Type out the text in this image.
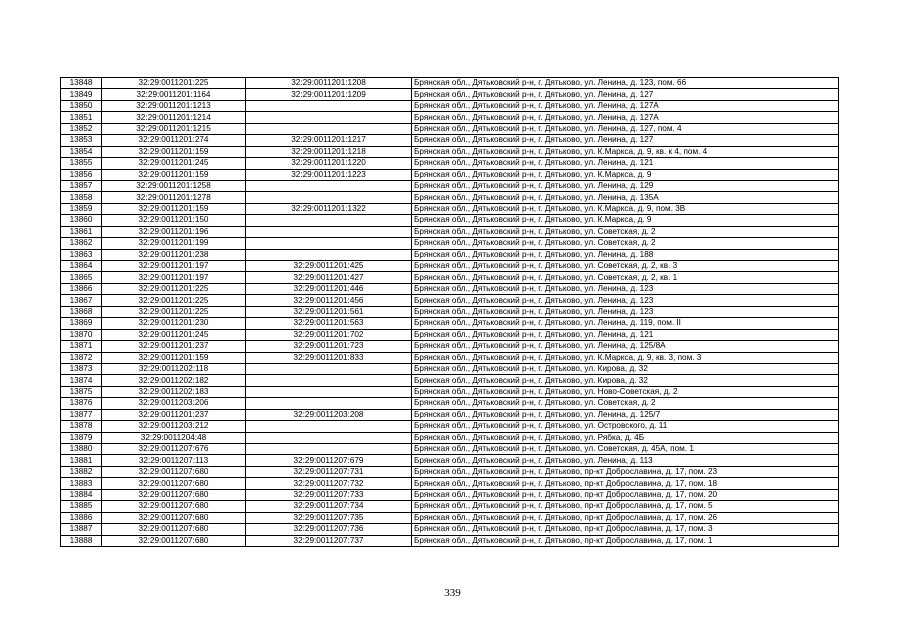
13848	32:29:0011201:225	32:29:0011201:1208	Брянская обл., Дятьковский р-н, г. Дятьково, ул. Ленина, д. 123, пом. 66
13849	32:29:0011201:1164	32:29:0011201:1209	Брянская обл., Дятьковский р-н, г. Дятьково, ул. Ленина, д. 127
13850	32:29:0011201:1213		Брянская обл., Дятьковский р-н, г. Дятьково, ул. Ленина, д. 127А
13851	32:29:0011201:1214		Брянская обл., Дятьковский р-н, г. Дятьково, ул. Ленина, д. 127А
13852	32:29:0011201:1215		Брянская обл., Дятьковский р-н, г. Дятьково, ул. Ленина, д. 127, пом. 4
13853	32:29:0011201:274	32:29:0011201:1217	Брянская обл., Дятьковский р-н, г. Дятьково, ул. Ленина, д. 127
13854	32:29:0011201:159	32:29:0011201:1218	Брянская обл., Дятьковский р-н, г. Дятьково, ул. К.Маркса, д. 9, кв. к 4, пом. 4
13855	32:29:0011201:245	32:29:0011201:1220	Брянская обл., Дятьковский р-н, г. Дятьково, ул. Ленина, д. 121
13856	32:29:0011201:159	32:29:0011201:1223	Брянская обл., Дятьковский р-н, г. Дятьково, ул. К.Маркса, д. 9
13857	32:29:0011201:1258		Брянская обл., Дятьковский р-н, г. Дятьково, ул. Ленина, д. 129
13858	32:29:0011201:1278		Брянская обл., Дятьковский р-н, г. Дятьково, ул. Ленина, д. 135А
13859	32:29:0011201:159	32:29:0011201:1322	Брянская обл., Дятьковский р-н, г. Дятьково, ул. К.Маркса, д. 9, пом. 3В
13860	32:29:0011201:150		Брянская обл., Дятьковский р-н, г. Дятьково, ул. К.Маркса, д. 9
13861	32:29:0011201:196		Брянская обл., Дятьковский р-н, г. Дятьково, ул. Советская, д. 2
13862	32:29:0011201:199		Брянская обл., Дятьковский р-н, г. Дятьково, ул. Советская, д. 2
13863	32:29:0011201:238		Брянская обл., Дятьковский р-н, г. Дятьково, ул. Ленина, д. 188
13864	32:29:0011201:197	32:29:0011201:425	Брянская обл., Дятьковский р-н, г. Дятьково, ул. Советская, д. 2, кв. 3
13865	32:29:0011201:197	32:29:0011201:427	Брянская обл., Дятьковский р-н, г. Дятьково, ул. Советская, д. 2, кв. 1
13866	32:29:0011201:225	32:29:0011201:446	Брянская обл., Дятьковский р-н, г. Дятьково, ул. Ленина, д. 123
13867	32:29:0011201:225	32:29:0011201:456	Брянская обл., Дятьковский р-н, г. Дятьково, ул. Ленина, д. 123
13868	32:29:0011201:225	32:29:0011201:561	Брянская обл., Дятьковский р-н, г. Дятьково, ул. Ленина, д. 123
13869	32:29:0011201:230	32:29:0011201:563	Брянская обл., Дятьковский р-н, г. Дятьково, ул. Ленина, д. 119, пом. II
13870	32:29:0011201:245	32:29:0011201:702	Брянская обл., Дятьковский р-н, г. Дятьково, ул. Ленина, д. 121
13871	32:29:0011201:237	32:29:0011201:723	Брянская обл., Дятьковский р-н, г. Дятьково, ул. Ленина, д. 125/8А
13872	32:29:0011201:159	32:29:0011201:833	Брянская обл., Дятьковский р-н, г. Дятьково, ул. К.Маркса, д. 9, кв. 3, пом. 3
13873	32:29:0011202:118		Брянская обл., Дятьковский р-н, г. Дятьково, ул. Кирова, д. 32
13874	32:29:0011202:182		Брянская обл., Дятьковский р-н, г. Дятьково, ул. Кирова, д. 32
13875	32:29:0011202:183		Брянская обл., Дятьковский р-н, г. Дятьково, ул. Ново-Советская, д. 2
13876	32:29:0011203:206		Брянская обл., Дятьковский р-н, г. Дятьково, ул. Советская, д. 2
13877	32:29:0011201:237	32:29:0011203:208	Брянская обл., Дятьковский р-н, г. Дятьково, ул. Ленина, д. 125/7
13878	32:29:0011203:212		Брянская обл., Дятьковский р-н, г. Дятьково, ул. Островского, д. 11
13879	32:29:0011204:48		Брянская обл., Дятьковский р-н, г. Дятьково, ул. Рябка, д. 4Б
13880	32:29:0011207:676		Брянская обл., Дятьковский р-н, г. Дятьково, ул. Советская, д. 45А, пом. 1
13881	32:29:0011207:113	32:29:0011207:679	Брянская обл., Дятьковский р-н, г. Дятьково, ул. Ленина, д. 113
13882	32:29:0011207:680	32:29:0011207:731	Брянская обл., Дятьковский р-н, г. Дятьково, пр-кт Доброславина, д. 17, пом. 23
13883	32:29:0011207:680	32:29:0011207:732	Брянская обл., Дятьковский р-н, г. Дятьково, пр-кт Доброславина, д. 17, пом. 18
13884	32:29:0011207:680	32:29:0011207:733	Брянская обл., Дятьковский р-н, г. Дятьково, пр-кт Доброславина, д. 17, пом. 20
13885	32:29:0011207:680	32:29:0011207:734	Брянская обл., Дятьковский р-н, г. Дятьково, пр-кт Доброславина, д. 17, пом. 5
13886	32:29:0011207:680	32:29:0011207:735	Брянская обл., Дятьковский р-н, г. Дятьково, пр-кт Доброславина, д. 17, пом. 26
13887	32:29:0011207:680	32:29:0011207:736	Брянская обл., Дятьковский р-н, г. Дятьково, пр-кт Доброславина, д. 17, пом. 3
13888	32:29:0011207:680	32:29:0011207:737	Брянская обл., Дятьковский р-н, г. Дятьково, пр-кт Доброславина, д. 17, пом. 1
339
